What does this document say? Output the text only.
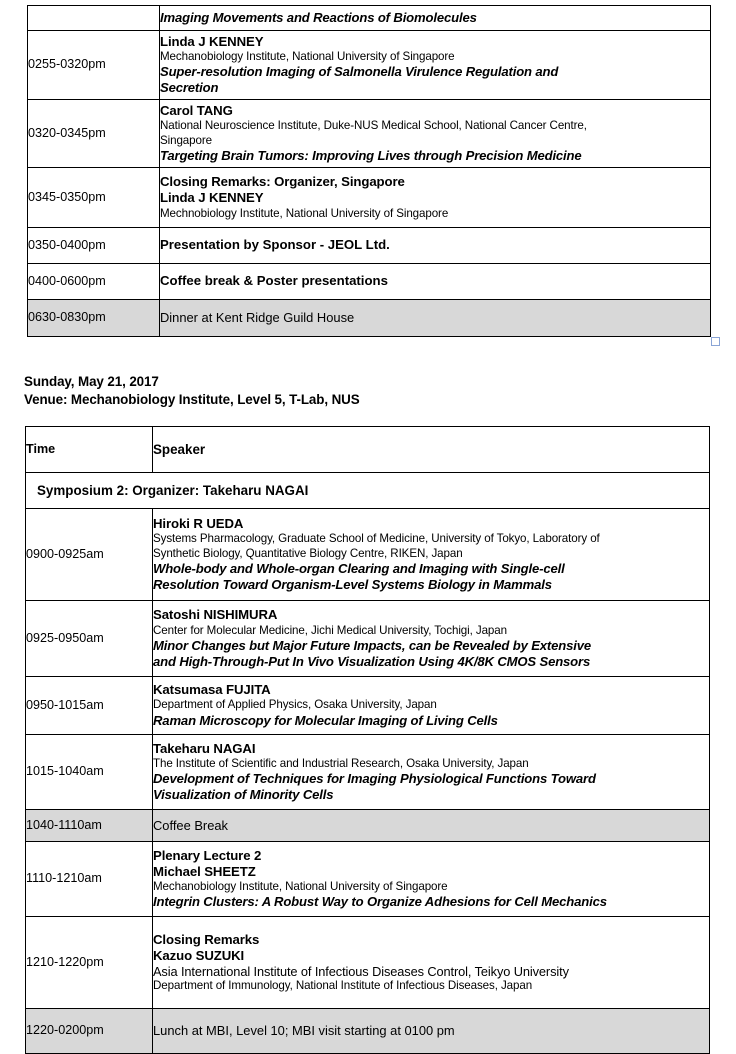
	Imaging Movements and Reactions of Biomolecules

0255-0320pm	Linda J KENNEY
Mechanobiology Institute, National University of Singapore
Super-resolution Imaging of Salmonella Virulence Regulation and
Secretion

0320-0345pm	Carol TANG
National Neuroscience Institute, Duke-NUS Medical School, National Cancer Centre,
Singapore
Targeting Brain Tumors: Improving Lives through Precision Medicine

0345-0350pm	Closing Remarks: Organizer, Singapore
Linda J KENNEY
Mechnobiology Institute, National University of Singapore

0350-0400pm	Presentation by Sponsor - JEOL Ltd.

0400-0600pm	Coffee break & Poster presentations

0630-0830pm	Dinner at Kent Ridge Guild House
Sunday, May 21, 2017
Venue: Mechanobiology Institute, Level 5, T-Lab, NUS
Time	Speaker
Symposium 2: Organizer: Takeharu NAGAI	
0900-0925am	Hiroki R UEDA
Systems Pharmacology, Graduate School of Medicine, University of Tokyo, Laboratory of
Synthetic Biology, Quantitative Biology Centre, RIKEN, Japan
Whole-body and Whole-organ Clearing and Imaging with Single-cell
Resolution Toward Organism-Level Systems Biology in Mammals

0925-0950am	Satoshi NISHIMURA
Center for Molecular Medicine, Jichi Medical University, Tochigi, Japan
Minor Changes but Major Future Impacts, can be Revealed by Extensive
and High-Through-Put In Vivo Visualization Using 4K/8K CMOS Sensors

0950-1015am	Katsumasa FUJITA
Department of Applied Physics, Osaka University, Japan
Raman Microscopy for Molecular Imaging of Living Cells

1015-1040am	Takeharu NAGAI
The Institute of Scientific and Industrial Research, Osaka University, Japan
Development of Techniques for Imaging Physiological Functions Toward
Visualization of Minority Cells

1040-1110am	Coffee Break

1110-1210am	Plenary Lecture 2
Michael SHEETZ
Mechanobiology Institute, National University of Singapore
Integrin Clusters: A Robust Way to Organize Adhesions for Cell Mechanics

1210-1220pm	Closing Remarks
Kazuo SUZUKI
Asia International Institute of Infectious Diseases Control, Teikyo University
Department of Immunology, National Institute of Infectious Diseases, Japan

1220-0200pm	Lunch at MBI, Level 10; MBI visit starting at 0100 pm
